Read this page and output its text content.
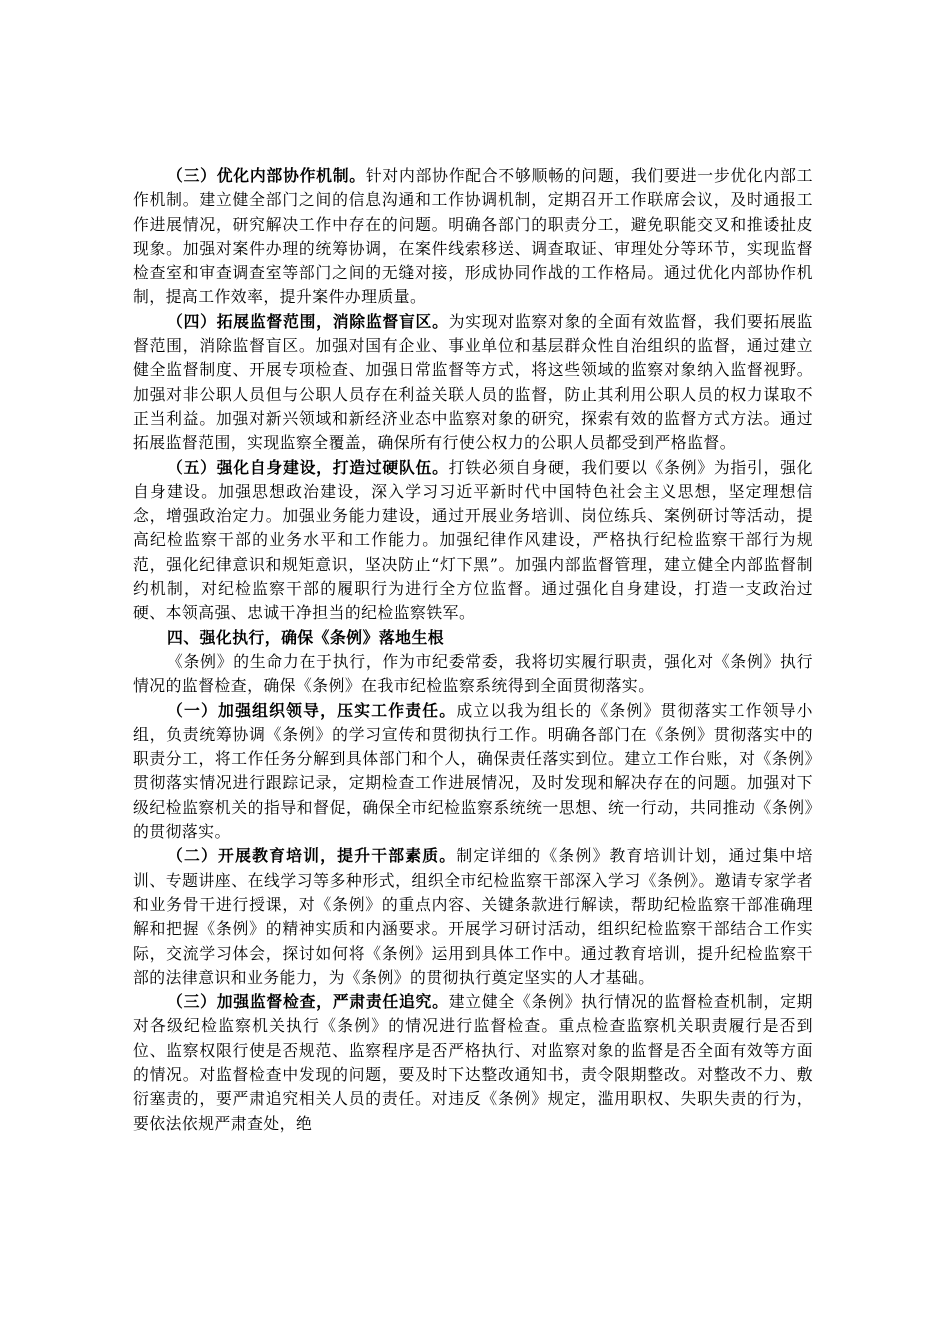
（三）优化内部协作机制。针对内部协作配合不够顺畅的问题，我们要进一步优化内部工作机制。建立健全部门之间的信息沟通和工作协调机制，定期召开工作联席会议，及时通报工作进展情况，研究解决工作中存在的问题。明确各部门的职责分工，避免职能交叉和推诿扯皮现象。加强对案件办理的统筹协调，在案件线索移送、调查取证、审理处分等环节，实现监督检查室和审查调查室等部门之间的无缝对接，形成协同作战的工作格局。通过优化内部协作机制，提高工作效率，提升案件办理质量。

（四）拓展监督范围，消除监督盲区。为实现对监察对象的全面有效监督，我们要拓展监督范围，消除监督盲区。加强对国有企业、事业单位和基层群众性自治组织的监督，通过建立健全监督制度、开展专项检查、加强日常监督等方式，将这些领域的监察对象纳入监督视野。加强对非公职人员但与公职人员存在利益关联人员的监督，防止其利用公职人员的权力谋取不正当利益。加强对新兴领域和新经济业态中监察对象的研究，探索有效的监督方式方法。通过拓展监督范围，实现监察全覆盖，确保所有行使公权力的公职人员都受到严格监督。

（五）强化自身建设，打造过硬队伍。打铁必须自身硬，我们要以《条例》为指引，强化自身建设。加强思想政治建设，深入学习习近平新时代中国特色社会主义思想，坚定理想信念，增强政治定力。加强业务能力建设，通过开展业务培训、岗位练兵、案例研讨等活动，提高纪检监察干部的业务水平和工作能力。加强纪律作风建设，严格执行纪检监察干部行为规范，强化纪律意识和规矩意识，坚决防止“灯下黑”。加强内部监督管理，建立健全内部监督制约机制，对纪检监察干部的履职行为进行全方位监督。通过强化自身建设，打造一支政治过硬、本领高强、忠诚干净担当的纪检监察铁军。

四、强化执行，确保《条例》落地生根

《条例》的生命力在于执行，作为市纪委常委，我将切实履行职责，强化对《条例》执行情况的监督检查，确保《条例》在我市纪检监察系统得到全面贯彻落实。

（一）加强组织领导，压实工作责任。成立以我为组长的《条例》贯彻落实工作领导小组，负责统筹协调《条例》的学习宣传和贯彻执行工作。明确各部门在《条例》贯彻落实中的职责分工，将工作任务分解到具体部门和个人，确保责任落实到位。建立工作台账，对《条例》贯彻落实情况进行跟踪记录，定期检查工作进展情况，及时发现和解决存在的问题。加强对下级纪检监察机关的指导和督促，确保全市纪检监察系统统一思想、统一行动，共同推动《条例》的贯彻落实。

（二）开展教育培训，提升干部素质。制定详细的《条例》教育培训计划，通过集中培训、专题讲座、在线学习等多种形式，组织全市纪检监察干部深入学习《条例》。邀请专家学者和业务骨干进行授课，对《条例》的重点内容、关键条款进行解读，帮助纪检监察干部准确理解和把握《条例》的精神实质和内涵要求。开展学习研讨活动，组织纪检监察干部结合工作实际，交流学习体会，探讨如何将《条例》运用到具体工作中。通过教育培训，提升纪检监察干部的法律意识和业务能力，为《条例》的贯彻执行奠定坚实的人才基础。

（三）加强监督检查，严肃责任追究。建立健全《条例》执行情况的监督检查机制，定期对各级纪检监察机关执行《条例》的情况进行监督检查。重点检查监察机关职责履行是否到位、监察权限行使是否规范、监察程序是否严格执行、对监察对象的监督是否全面有效等方面的情况。对监督检查中发现的问题，要及时下达整改通知书，责令限期整改。对整改不力、敷衍塞责的，要严肃追究相关人员的责任。对违反《条例》规定，滥用职权、失职失责的行为，要依法依规严肃查处，绝
